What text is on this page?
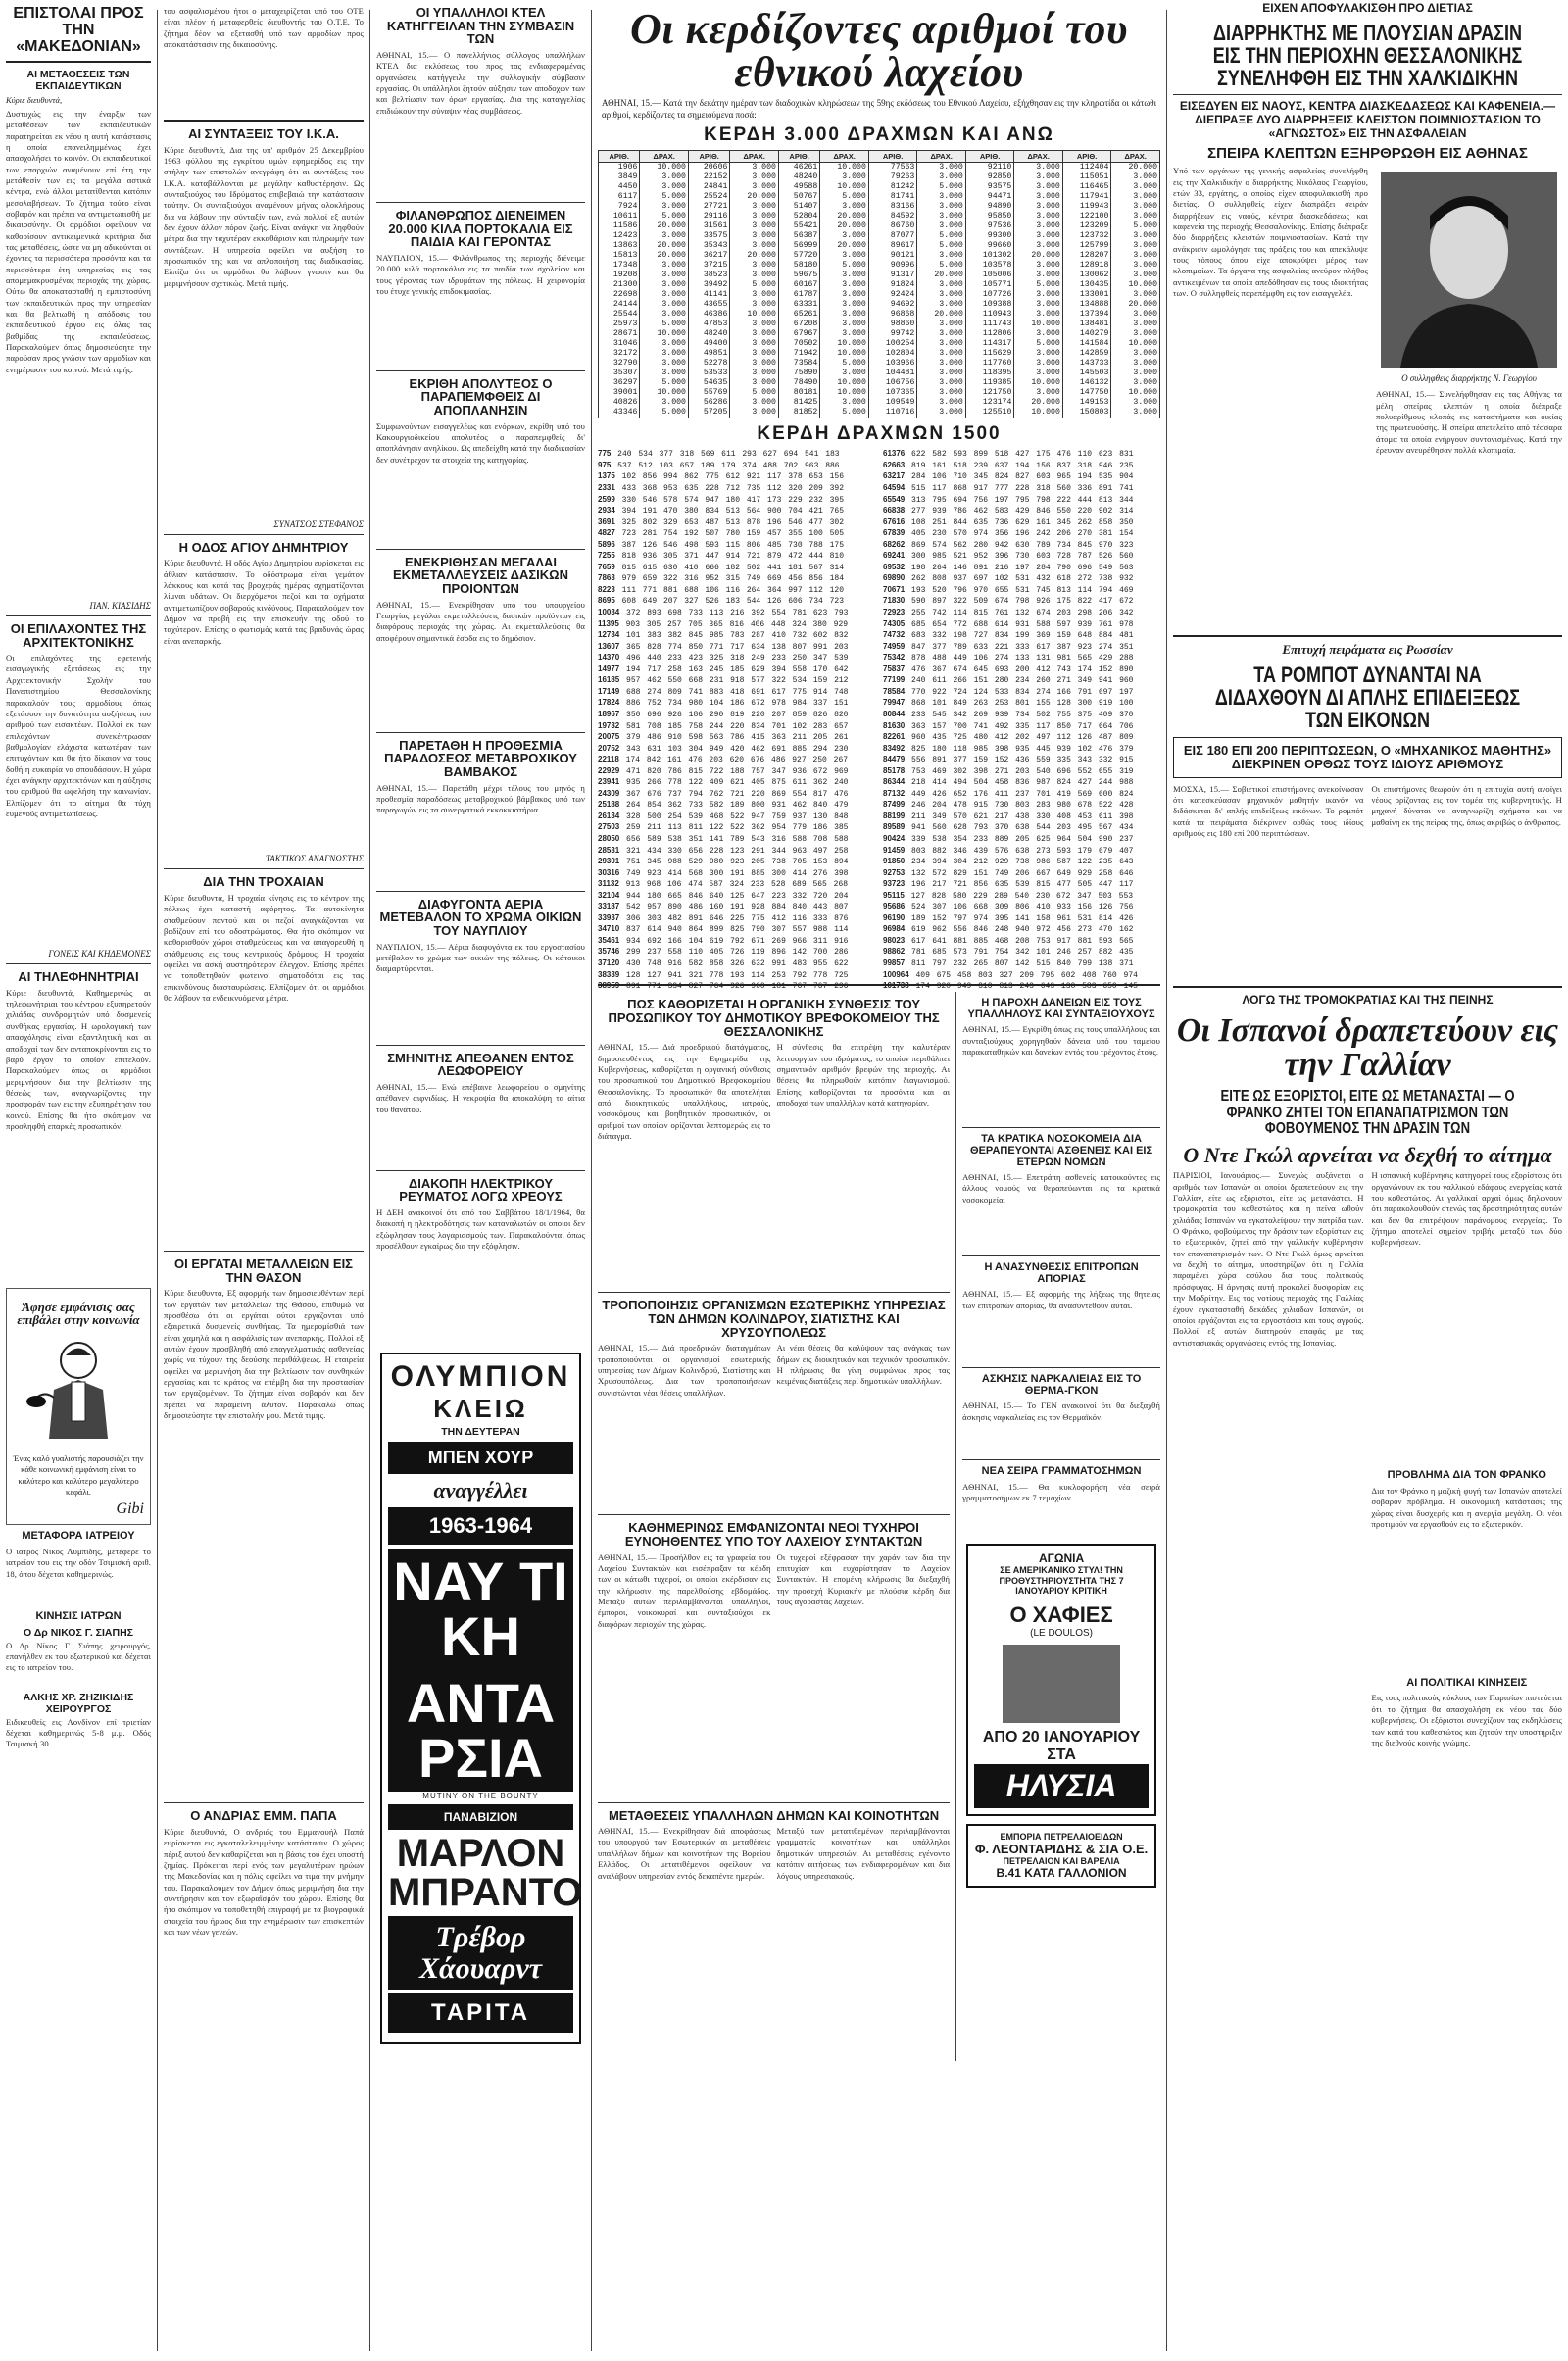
ΕΠΙΣΤΟΛΑΙ ΠΡΟΣ ΤΗΝ «ΜΑΚΕΔΟΝΙΑΝ»
ΑΙ ΜΕΤΑΘΕΣΕΙΣ ΤΩΝ ΕΚΠΑΙΔΕΥΤΙΚΩΝ
Κύριε διευθυντά,
Δυστυχώς εις την έναρξιν των μεταθέσεων των εκπαιδευτικών παρατηρείται εκ νέου η αυτή κατάστασις η οποία επανειλημμένως έχει απασχολήσει το κοινόν. Οι εκπαιδευτικοί των επαρχιών αναμένουν επί έτη την μετάθεσίν των εις τα μεγάλα αστικά κέντρα, ενώ άλλοι μετατίθενται κατόπιν μεσολαβήσεων. Το ζήτημα τούτο είναι σοβαρόν και πρέπει να αντιμετωπισθή με δικαιοσύνην. Οι αρμόδιοι οφείλουν να καθορίσουν αντικειμενικά κριτήρια δια τας μεταθέσεις, ώστε να μη αδικούνται οι έχοντες τα περισσότερα προσόντα και τα περισσότερα έτη υπηρεσίας εις τας απομεμακρυσμένας περιοχάς της χώρας. Ούτω θα αποκατασταθή η εμπιστοσύνη των εκπαιδευτικών προς την υπηρεσίαν και θα βελτιωθή η απόδοσις του εκπαιδευτικού έργου εις όλας τας βαθμίδας της εκπαιδεύσεως. Παρακαλούμεν όπως δημοσιεύσητε την παρούσαν προς γνώσιν των αρμοδίων και ενημέρωσιν του κοινού. Μετά τιμής.
ΠΑΝ. ΚΙΑΣΙΔΗΣ
ΟΙ ΕΠΙΛΑΧΟΝΤΕΣ ΤΗΣ ΑΡΧΙΤΕΚΤΟΝΙΚΗΣ
Οι επιλαχόντες της εφετεινής εισαγωγικής εξετάσεως εις την Αρχιτεκτονικήν Σχολήν του Πανεπιστημίου Θεσσαλονίκης παρακαλούν τους αρμοδίους όπως εξετάσουν την δυνατότητα αυξήσεως του αριθμού των εισακτέων. Πολλοί εκ των επιλαχόντων συνεκέντρωσαν βαθμολογίαν ελάχιστα κατωτέραν των επιτυχόντων και θα ήτο δίκαιον να τους δοθή η ευκαιρία να σπουδάσουν. Η χώρα έχει ανάγκην αρχιτεκτόνων και η αύξησις του αριθμού θα ωφελήση την κοινωνίαν. Ελπίζομεν ότι το αίτημα θα τύχη ευμενούς αντιμετωπίσεως.
ΓΟΝΕΙΣ ΚΑΙ ΚΗΔΕΜΟΝΕΣ
ΑΙ ΤΗΛΕΦΗΝΗΤΡΙΑΙ
Κύριε διευθυντά, Καθημερινώς αι τηλεφωνήτριαι του κέντρου εξυπηρετούν χιλιάδας συνδρομητών υπό δυσμενείς συνθήκας εργασίας. Η ωρολογιακή των απασχόλησις είναι εξαντλητική και αι αποδοχαί των δεν ανταποκρίνονται εις το βαρύ έργον το οποίον επιτελούν. Παρακαλούμεν όπως οι αρμόδιοι μεριμνήσουν δια την βελτίωσιν της θέσεώς των, αναγνωρίζοντες την προσφοράν των εις την εξυπηρέτησιν του κοινού. Επίσης θα ήτο σκόπιμον να προσληφθή επαρκές προσωπικόν.
Άφησε εμφάνισις σας επιβάλει στην κοινωνία
Ένας καλό γυαλιστής παρουσιάζει την κάθε κοινωνική εμφάνιση είναι το καλύτερο και καλύτερο μεγαλύτερο κεφάλι.
Gibi
ΜΕΤΑΦΟΡΑ ΙΑΤΡΕΙΟΥ
Ο ιατρός Νίκος Λυμπίδης, μετέφερε το ιατρείον του εις την οδόν Τσιμισκή αριθ. 18, όπου δέχεται καθημερινώς.
ΚΙΝΗΣΙΣ ΙΑΤΡΩΝ
Ο Δρ ΝΙΚΟΣ Γ. ΣΙΑΠΗΣ
Ο Δρ Νίκος Γ. Σιάπης χειρουργός, επανήλθεν εκ του εξωτερικού και δέχεται εις το ιατρείον του.
ΑΛΚΗΣ ΧΡ. ΖΗΖΙΚΙΔΗΣ ΧΕΙΡΟΥΡΓΟΣ
Ειδικευθείς εις Λονδίνον επί τριετίαν δέχεται καθημερινώς 5-8 μ.μ. Οδός Τσιμισκή 30.
του ασφαλισμένου ήτοι ο μεταχειρίζεται υπό του ΟΤΕ είναι πλέον ή μεταφερθείς διευθυντής του Ο.Τ.Ε. Το ζήτημα δέον να εξετασθή υπό των αρμοδίων προς αποκατάστασιν της δικαιοσύνης.
ΑΙ ΣΥΝΤΑΞΕΙΣ ΤΟΥ Ι.Κ.Α.
Κύριε διευθυντά, Δια της υπ' αριθμόν 25 Δεκεμβρίου 1963 φύλλου της εγκρίτου υμών εφημερίδος εις την στήλην των επιστολών ανεγράφη ότι αι συντάξεις του Ι.Κ.Α. καταβάλλονται με μεγάλην καθυστέρησιν. Ως συνταξιούχος του Ιδρύματος επιβεβαιώ την κατάστασιν ταύτην. Οι συνταξιούχοι αναμένουν μήνας ολοκλήρους δια να λάβουν την σύνταξίν των, ενώ πολλοί εξ αυτών δεν έχουν άλλον πόρον ζωής. Είναι ανάγκη να ληφθούν μέτρα δια την ταχυτέραν εκκαθάρισιν και πληρωμήν των συντάξεων. Η υπηρεσία οφείλει να αυξήση το προσωπικόν της και να απλοποιήση τας διαδικασίας. Ελπίζω ότι οι αρμόδιοι θα λάβουν γνώσιν και θα μεριμνήσουν σχετικώς. Μετά τιμής.
ΣΥΝΑΤΣΟΣ ΣΤΕΦΑΝΟΣ
Η ΟΔΟΣ ΑΓΙΟΥ ΔΗΜΗΤΡΙΟΥ
Κύριε διευθυντά, Η οδός Αγίου Δημητρίου ευρίσκεται εις άθλιαν κατάστασιν. Το οδόστρωμα είναι γεμάτον λάκκους και κατά τας βροχεράς ημέρας σχηματίζονται λίμναι υδάτων. Οι διερχόμενοι πεζοί και τα οχήματα αντιμετωπίζουν σοβαρούς κινδύνους. Παρακαλούμεν τον Δήμον να προβή εις την επισκευήν της οδού το ταχύτερον. Επίσης ο φωτισμός κατά τας βραδυνάς ώρας είναι ανεπαρκής.
ΤΑΚΤΙΚΟΣ ΑΝΑΓΝΩΣΤΗΣ
ΔΙΑ ΤΗΝ ΤΡΟΧΑΙΑΝ
Κύριε διευθυντά, Η τροχαία κίνησις εις το κέντρον της πόλεως έχει καταστή αφόρητος. Τα αυτοκίνητα σταθμεύουν παντού και οι πεζοί αναγκάζονται να βαδίζουν επί του οδοστρώματος. Θα ήτο σκόπιμον να καθορισθούν χώροι σταθμεύσεως και να απαγορευθή η στάθμευσις εις τους κεντρικούς δρόμους. Η τροχαία οφείλει να ασκή αυστηρότερον έλεγχον. Επίσης πρέπει να τοποθετηθούν φωτεινοί σηματοδόται εις τας επικινδύνους διασταυρώσεις. Ελπίζομεν ότι οι αρμόδιοι θα λάβουν τα ενδεικνυόμενα μέτρα.
ΟΙ ΕΡΓΑΤΑΙ ΜΕΤΑΛΛΕΙΩΝ ΕΙΣ ΤΗΝ ΘΑΣΟΝ
Κύριε διευθυντά, Εξ αφορμής των δημοσιευθέντων περί των εργατών των μεταλλείων της Θάσου, επιθυμώ να προσθέσω ότι οι εργάται ούτοι εργάζονται υπό εξαιρετικά δυσμενείς συνθήκας. Τα ημερομίσθιά των είναι χαμηλά και η ασφάλισίς των ανεπαρκής. Πολλοί εξ αυτών έχουν προσβληθή από επαγγελματικάς ασθενείας χωρίς να τύχουν της δεούσης περιθάλψεως. Η εταιρεία οφείλει να μεριμνήση δια την βελτίωσιν των συνθηκών εργασίας και το κράτος να επέμβη δια την προστασίαν των εργαζομένων. Το ζήτημα είναι σοβαρόν και δεν πρέπει να παραμείνη άλυτον. Παρακαλώ όπως δημοσιεύσητε την επιστολήν μου. Μετά τιμής.
Ο ΑΝΔΡΙΑΣ ΕΜΜ. ΠΑΠΑ
Κύριε διευθυντά, Ο ανδριάς του Εμμανουήλ Παπά ευρίσκεται εις εγκαταλελειμμένην κατάστασιν. Ο χώρος πέριξ αυτού δεν καθαρίζεται και η βάσις του έχει υποστή ζημίας. Πρόκειται περί ενός των μεγαλυτέρων ηρώων της Μακεδονίας και η πόλις οφείλει να τιμά την μνήμην του. Παρακαλούμεν τον Δήμον όπως μεριμνήση δια την συντήρησιν και τον εξωραϊσμόν του χώρου. Επίσης θα ήτο σκόπιμον να τοποθετηθή επιγραφή με τα βιογραφικά στοιχεία του ήρωος δια την ενημέρωσιν των επισκεπτών και των νέων γενεών.
ΟΙ ΥΠΑΛΛΗΛΟΙ ΚΤΕΛ ΚΑΤΗΓΓΕΙΛΑΝ ΤΗΝ ΣΥΜΒΑΣΙΝ ΤΩΝ
ΑΘΗΝΑΙ, 15.— Ο πανελλήνιος σύλλογος υπαλλήλων ΚΤΕΛ δια εκλύσεως του προς τας ενδιαφερομένας οργανώσεις κατήγγειλε την συλλογικήν σύμβασιν εργασίας. Οι υπάλληλοι ζητούν αύξησιν των αποδοχών των και βελτίωσιν των όρων εργασίας. Δια της καταγγελίας επιδιώκουν την σύναψιν νέας συμβάσεως.
ΦΙΛΑΝΘΡΩΠΟΣ ΔΙΕΝΕΙΜΕΝ 20.000 ΚΙΛΑ ΠΟΡΤΟΚΑΛΙΑ ΕΙΣ ΠΑΙΔΙΑ ΚΑΙ ΓΕΡΟΝΤΑΣ
ΝΑΥΠΛΙΟΝ, 15.— Φιλάνθρωπος της περιοχής διένειμε 20.000 κιλά πορτοκάλια εις τα παιδία των σχολείων και τους γέροντας των ιδρυμάτων της πόλεως. Η χειρονομία του έτυχε γενικής επιδοκιμασίας.
ΕΚΡΙΘΗ ΑΠΟΛΥΤΕΟΣ Ο ΠΑΡΑΠΕΜΦΘΕΙΣ ΔΙ ΑΠΟΠΛΑΝΗΣΙΝ
Συμφωνούντων εισαγγελέως και ενόρκων, εκρίθη υπό του Κακουργιοδικείου απολυτέος ο παραπεμφθείς δι' αποπλάνησιν ανηλίκου. Ως απεδείχθη κατά την διαδικασίαν δεν συνέτρεχον τα στοιχεία της κατηγορίας.
ΕΝΕΚΡΙΘΗΣΑΝ ΜΕΓΑΛΑΙ ΕΚΜΕΤΑΛΛΕΥΣΕΙΣ ΔΑΣΙΚΩΝ ΠΡΟΙΟΝΤΩΝ
ΑΘΗΝΑΙ, 15.— Ενεκρίθησαν υπό του υπουργείου Γεωργίας μεγάλαι εκμεταλλεύσεις δασικών προϊόντων εις διαφόρους περιοχάς της χώρας. Αι εκμεταλλεύσεις θα αποφέρουν σημαντικά έσοδα εις το δημόσιον.
ΠΑΡΕΤΑΘΗ Η ΠΡΟΘΕΣΜΙΑ ΠΑΡΑΔΟΣΕΩΣ ΜΕΤΑΒΡΟΧΙΚΟΥ ΒΑΜΒΑΚΟΣ
ΑΘΗΝΑΙ, 15.— Παρετάθη μέχρι τέλους του μηνός η προθεσμία παραδόσεως μεταβροχικού βάμβακος υπό των παραγωγών εις τα συνεργατικά εκκοκκιστήρια.
ΔΙΑΦΥΓΟΝΤΑ ΑΕΡΙΑ ΜΕΤΕΒΑΛΟΝ ΤΟ ΧΡΩΜΑ ΟΙΚΙΩΝ ΤΟΥ ΝΑΥΠΛΙΟΥ
ΝΑΥΠΛΙΟΝ, 15.— Αέρια διαφυγόντα εκ του εργοστασίου μετέβαλον το χρώμα των οικιών της πόλεως. Οι κάτοικοι διαμαρτύρονται.
ΣΜΗΝΙΤΗΣ ΑΠΕΘΑΝΕΝ ΕΝΤΟΣ ΛΕΩΦΟΡΕΙΟΥ
ΑΘΗΝΑΙ, 15.— Ενώ επέβαινε λεωφορείου ο σμηνίτης απέθανεν αιφνιδίως. Η νεκροψία θα αποκαλύψη τα αίτια του θανάτου.
ΔΙΑΚΟΠΗ ΗΛΕΚΤΡΙΚΟΥ ΡΕΥΜΑΤΟΣ ΛΟΓΩ ΧΡΕΟΥΣ
Η ΔΕΗ ανακοινοί ότι από του Σαββάτου 18/1/1964, θα διακοπή η ηλεκτροδότησις των καταναλωτών οι οποίοι δεν εξώφλησαν τους λογαριασμούς των. Παρακαλούνται όπως προσέλθουν εγκαίρως δια την εξόφλησιν.
ΟΛΥΜΠΙΟΝ
ΚΛΕΙΩ
ΤΗΝ ΔΕΥΤΕΡΑΝ
ΜΠΕΝ ΧΟΥΡ
αναγγέλλει
1963-1964
ΝΑΥ ΤΙ ΚΗ
ΑΝΤΑ ΡΣΙΑ
MUTINY ON THE BOUNTY
ΠΑΝΑΒΙΖΙΟΝ
ΜΑΡΛΟΝ ΜΠΡΑΝΤΟ
Τρέβορ Χάουαρντ
ΤΑΡΙΤΑ
Οι κερδίζοντες αριθμοί του εθνικού λαχείου
ΑΘΗΝΑΙ, 15.— Κατά την δεκάτην ημέραν των διαδοχικών κληρώσεων της 59ης εκδόσεως του Εθνικού Λαχείου, εξήχθησαν εις την κληρωτίδα οι κάτωθι αριθμοί, κερδίζοντες τα σημειούμενα ποσά:
ΚΕΡΔΗ 3.000 ΔΡΑΧΜΩΝ ΚΑΙ ΑΝΩ
ΑΡΙΘ.	ΔΡΑΧ.	ΑΡΙΘ.	ΔΡΑΧ.	ΑΡΙΘ.	ΔΡΑΧ.	ΑΡΙΘ.	ΔΡΑΧ.	ΑΡΙΘ.	ΔΡΑΧ.	ΑΡΙΘ.	ΔΡΑΧ.
1906	10.000	20606	3.000	46261	10.000	77563	3.000	92110	3.000	112404	20.000
3849	3.000	22152	3.000	48240	3.000	79263	3.000	92850	3.000	115051	3.000
4450	3.000	24841	3.000	49588	10.000	81242	5.000	93575	3.000	116465	3.000
6117	5.000	25524	20.000	50767	5.000	81741	3.000	94471	3.000	117941	3.000
7924	3.000	27721	3.000	51407	3.000	83166	3.000	94890	3.000	119943	3.000
10611	5.000	29116	3.000	52804	20.000	84592	3.000	95850	3.000	122100	3.000
11586	20.000	31561	3.000	55421	20.000	86760	3.000	97536	3.000	123209	5.000
12423	3.000	33575	3.000	56387	3.000	87077	5.000	99300	3.000	123732	3.000
13863	20.000	35343	3.000	56999	20.000	89617	5.000	99660	3.000	125799	3.000
15813	20.000	36217	20.000	57720	3.000	90121	3.000	101302	20.000	128207	3.000
17348	3.000	37215	3.000	58180	5.000	90996	5.000	103578	3.000	128918	3.000
19208	3.000	38523	3.000	59675	3.000	91317	20.000	105006	3.000	130062	3.000
21300	3.000	39492	5.000	60167	3.000	91824	3.000	105771	5.000	130435	10.000
22698	3.000	41141	3.000	61787	3.000	92424	3.000	107726	3.000	133001	3.000
24144	3.000	43655	3.000	63331	3.000	94692	3.000	109388	3.000	134888	20.000
25544	3.000	46386	10.000	65261	3.000	96868	20.000	110943	3.000	137394	3.000
25973	5.000	47853	3.000	67208	3.000	98860	3.000	111743	10.000	138481	3.000
28671	10.000	48240	3.000	67967	3.000	99742	3.000	112806	3.000	140279	3.000
31046	3.000	49400	3.000	70502	10.000	100254	3.000	114317	5.000	141584	10.000
32172	3.000	49851	3.000	71942	10.000	102804	3.000	115629	3.000	142859	3.000
32790	3.000	52278	3.000	73584	5.000	103966	3.000	117760	3.000	143733	3.000
35307	3.000	53533	3.000	75890	3.000	104481	3.000	118395	3.000	145503	3.000
36297	5.000	54635	3.000	78490	10.000	106756	3.000	119385	10.000	146132	3.000
39001	10.000	55769	5.000	80181	10.000	107365	3.000	121750	3.000	147750	10.000
40826	3.000	56286	3.000	81425	3.000	109549	3.000	123174	20.000	149153	3.000
43346	5.000	57205	3.000	81852	5.000	110716	3.000	125510	10.000	150803	3.000
ΚΕΡΔΗ ΔΡΑΧΜΩΝ 1500
775 240 534 377 318 569 611 293 627 694 541 183
975 537 512 103 657 189 179 374 488 702 963 886
1375 102 856 994 862 775 612 921 117 378 653 156
2331 433 368 953 635 228 712 735 112 320 209 392
2599 330 546 578 574 947 180 417 173 229 232 395
2934 394 191 470 380 834 513 564 900 704 421 765
3691 325 802 329 653 487 513 878 196 546 477 302
4827 723 281 754 192 507 780 159 457 355 100 505
5896 387 126 546 498 593 115 806 485 730 788 175
7255 818 936 305 371 447 914 721 879 472 444 810
7659 815 615 630 410 666 182 502 441 181 567 314
7863 979 659 322 316 952 315 749 669 456 856 184
8223 111 771 881 688 106 116 264 364 997 112 120
8695 608 649 207 327 526 183 544 126 606 734 723
10034 372 893 698 733 113 216 392 554 781 623 793
11395 903 305 257 705 365 816 406 448 324 380 929
12734 101 383 382 845 985 783 287 410 732 602 832
13607 365 828 774 850 771 717 634 138 807 991 203
14370 496 440 233 423 325 318 249 233 250 347 539
14977 194 717 258 163 245 185 629 394 558 170 642
16185 957 462 550 668 231 918 577 322 534 159 212
17149 688 274 809 741 883 418 691 617 775 914 748
17824 886 752 734 980 104 186 672 978 984 337 151
18967 350 696 926 186 290 819 220 207 859 826 820
19732 581 708 185 758 244 220 834 701 102 283 657
20075 379 486 910 598 563 786 415 363 211 205 261
20752 343 631 103 304 949 420 462 691 885 294 230
22118 174 842 161 476 203 620 676 486 927 250 267
22929 471 820 786 815 722 188 757 347 936 672 969
23941 935 266 778 122 409 621 405 875 611 362 240
24309 367 676 737 794 762 721 220 869 554 817 476
25188 264 854 362 733 582 189 800 931 462 840 479
26134 328 500 254 539 468 522 947 759 937 130 848
27503 259 211 113 811 122 522 362 954 779 186 385
28050 656 589 538 351 141 789 543 316 588 708 588
28531 321 434 330 656 228 123 291 344 963 497 258
29301 751 345 988 529 980 923 205 738 705 153 894
30316 749 923 414 568 300 191 885 300 414 276 398
31132 913 968 106 474 587 324 233 528 689 565 268
32104 944 180 665 846 640 125 647 223 332 720 204
33187 542 957 890 486 160 191 928 884 840 443 807
33937 306 303 482 891 646 225 775 412 116 333 876
34710 837 614 940 864 899 825 790 307 557 988 114
35461 934 692 166 104 619 792 671 269 966 311 916
35746 299 237 558 110 405 726 119 896 142 700 286
37120 430 748 916 582 858 326 632 991 483 955 622
38339 128 127 941 321 778 193 114 253 792 778 725
38959 891 771 334 827 764 926 960 181 767 767 296

61376 622 582 593 899 518 427 175 476 110 623 831
62663 819 161 518 239 637 194 156 837 318 946 235
63217 284 106 710 345 824 827 603 965 194 535 904
64594 515 117 868 917 777 228 318 560 336 891 741
65549 313 795 694 756 197 795 798 222 444 813 344
66838 277 939 786 462 583 429 846 550 220 902 314
67616 108 251 844 635 736 629 161 345 262 858 350
67839 405 230 570 974 356 196 242 206 270 381 154
68262 869 574 562 280 942 630 789 734 845 970 323
69241 300 985 521 952 396 730 603 728 787 526 560
69532 198 264 146 891 216 197 284 790 696 549 563
69890 262 808 937 697 102 531 432 618 272 738 932
70671 193 520 796 970 655 531 745 813 114 794 469
71830 590 897 322 509 674 798 926 175 822 417 672
72923 255 742 114 815 761 132 674 203 298 206 342
74305 685 654 772 688 614 931 588 597 939 761 978
74732 683 332 198 727 834 199 369 159 648 884 481
74959 847 377 789 633 221 333 617 387 923 274 351
75342 878 488 449 106 274 133 131 981 565 429 288
75837 476 367 674 645 693 200 412 743 174 152 890
77199 240 611 266 151 280 234 260 271 349 941 960
78584 770 922 724 124 533 834 274 166 791 697 197
79947 868 101 849 263 253 801 155 128 300 919 100
80844 233 545 342 269 939 734 502 755 375 409 370
81630 363 157 700 741 492 335 117 850 717 664 706
82261 960 435 725 480 412 202 497 112 126 487 809
83492 825 180 118 985 398 935 445 939 102 476 379
84479 556 891 377 159 152 436 559 335 343 332 915
85178 753 469 302 398 271 203 540 696 552 655 319
86344 218 414 494 504 458 836 987 824 427 244 988
87132 449 426 652 176 411 237 701 419 569 600 824
87499 246 204 478 915 730 803 283 980 678 522 428
88199 211 349 570 621 217 438 330 408 453 611 398
89589 941 560 628 793 370 638 544 203 495 567 434
90424 339 538 354 233 889 205 625 964 504 990 237
91459 803 882 346 439 576 638 273 593 179 679 407
91850 234 394 304 212 929 738 986 587 122 235 643
92753 132 572 829 151 749 206 667 649 929 258 646
93723 196 217 721 856 635 539 815 477 505 447 117
95115 127 828 580 229 289 540 230 672 347 503 553
95686 524 307 106 668 309 806 410 933 156 126 756
96190 189 152 797 974 395 141 158 961 531 814 426
96984 619 962 556 846 248 940 972 456 273 470 162
98023 617 641 881 885 468 208 753 917 881 593 565
98862 781 685 573 791 754 342 101 246 257 882 435
99857 811 797 232 265 807 142 515 840 799 138 371
100964 409 675 458 803 327 209 795 602 408 760 974
101738 174 920 949 310 813 243 643 130 583 650 145

ΠΩΣ ΚΑΘΟΡΙΖΕΤΑΙ Η ΟΡΓΑΝΙΚΗ ΣΥΝΘΕΣΙΣ ΤΟΥ ΠΡΟΣΩΠΙΚΟΥ ΤΟΥ ΔΗΜΟΤΙΚΟΥ ΒΡΕΦΟΚΟΜΕΙΟΥ ΤΗΣ ΘΕΣΣΑΛΟΝΙΚΗΣ
ΑΘΗΝΑΙ, 15.— Διά προεδρικού διατάγματος, δημοσιευθέντος εις την Εφημερίδα της Κυβερνήσεως, καθορίζεται η οργανική σύνθεσις του προσωπικού του Δημοτικού Βρεφοκομείου Θεσσαλονίκης. Το προσωπικόν θα αποτελήται από διοικητικούς υπαλλήλους, ιατρούς, νοσοκόμους και βοηθητικόν προσωπικόν, οι αριθμοί των οποίων ορίζονται λεπτομερώς εις το διάταγμα.
Η σύνθεσις θα επιτρέψη την καλυτέραν λειτουργίαν του ιδρύματος, το οποίον περιθάλπει σημαντικόν αριθμόν βρεφών της περιοχής. Αι θέσεις θα πληρωθούν κατόπιν διαγωνισμού. Επίσης καθορίζονται τα προσόντα και αι αποδοχαί των υπαλλήλων κατά κατηγορίαν.
ΤΡΟΠΟΠΟΙΗΣΙΣ ΟΡΓΑΝΙΣΜΩΝ ΕΣΩΤΕΡΙΚΗΣ ΥΠΗΡΕΣΙΑΣ ΤΩΝ ΔΗΜΩΝ ΚΟΛΙΝΔΡΟΥ, ΣΙΑΤΙΣΤΗΣ ΚΑΙ ΧΡΥΣΟΥΠΟΛΕΩΣ
ΑΘΗΝΑΙ, 15.— Διά προεδρικών διαταγμάτων τροποποιούνται οι οργανισμοί εσωτερικής υπηρεσίας των Δήμων Κολινδρού, Σιατίστης και Χρυσουπόλεως. Δια των τροποποιήσεων συνιστώνται νέαι θέσεις υπαλλήλων.
Αι νέαι θέσεις θα καλύψουν τας ανάγκας των δήμων εις διοικητικόν και τεχνικόν προσωπικόν. Η πλήρωσις θα γίνη συμφώνως προς τας κειμένας διατάξεις περί δημοτικών υπαλλήλων.
ΚΑΘΗΜΕΡΙΝΩΣ ΕΜΦΑΝΙΖΟΝΤΑΙ ΝΕΟΙ ΤΥΧΗΡΟΙ ΕΥΝΟΗΘΕΝΤΕΣ ΥΠΟ ΤΟΥ ΛΑΧΕΙΟΥ ΣΥΝΤΑΚΤΩΝ
ΑΘΗΝΑΙ, 15.— Προσήλθον εις τα γραφεία του Λαχείου Συντακτών και εισέπραξαν τα κέρδη των οι κάτωθι τυχεροί, οι οποίοι εκέρδισαν εις την κλήρωσιν της παρελθούσης εβδομάδος. Μεταξύ αυτών περιλαμβάνονται υπάλληλοι, έμποροι, νοικοκυραί και συνταξιούχοι εκ διαφόρων περιοχών της χώρας.
Οι τυχεροί εξέφρασαν την χαράν των δια την επιτυχίαν και ευχαρίστησαν το Λαχείον Συντακτών. Η επομένη κλήρωσις θα διεξαχθή την προσεχή Κυριακήν με πλούσια κέρδη δια τους αγοραστάς λαχείων.
ΜΕΤΑΘΕΣΕΙΣ ΥΠΑΛΛΗΛΩΝ ΔΗΜΩΝ ΚΑΙ ΚΟΙΝΟΤΗΤΩΝ
ΑΘΗΝΑΙ, 15.— Ενεκρίθησαν διά αποφάσεως του υπουργού των Εσωτερικών αι μεταθέσεις υπαλλήλων δήμων και κοινοτήτων της Βορείου Ελλάδος. Οι μετατιθέμενοι οφείλουν να αναλάβουν υπηρεσίαν εντός δεκαπέντε ημερών.
Μεταξύ των μετατιθεμένων περιλαμβάνονται γραμματείς κοινοτήτων και υπάλληλοι δημοτικών υπηρεσιών. Αι μεταθέσεις εγένοντο κατόπιν αιτήσεως των ενδιαφερομένων και δια λόγους υπηρεσιακούς.
Η ΠΑΡΟΧΗ ΔΑΝΕΙΩΝ ΕΙΣ ΤΟΥΣ ΥΠΑΛΛΗΛΟΥΣ ΚΑΙ ΣΥΝΤΑΞΙΟΥΧΟΥΣ
ΑΘΗΝΑΙ, 15.— Εγκρίθη όπως εις τους υπαλλήλους και συνταξιούχους χορηγηθούν δάνεια υπό του ταμείου παρακαταθηκών και δανείων εντός του τρέχοντος έτους.
ΤΑ ΚΡΑΤΙΚΑ ΝΟΣΟΚΟΜΕΙΑ ΔΙΑ ΘΕΡΑΠΕΥΟΝΤΑΙ ΑΣΘΕΝΕΙΣ ΚΑΙ ΕΙΣ ΕΤΕΡΩΝ ΝΟΜΩΝ
ΑΘΗΝΑΙ, 15.— Επετράπη ασθενείς κατοικούντες εις άλλους νομούς να θεραπεύωνται εις τα κρατικά νοσοκομεία.
Η ΑΝΑΣΥΝΘΕΣΙΣ ΕΠΙΤΡΟΠΩΝ ΑΠΟΡΙΑΣ
ΑΘΗΝΑΙ, 15.— Εξ αφορμής της λήξεως της θητείας των επιτροπών απορίας, θα ανασυντεθούν αύται.
ΑΣΚΗΣΙΣ ΝΑΡΚΑΛΙΕΙΑΣ ΕΙΣ ΤΟ ΘΕΡΜΑ-ΓΚΟΝ
ΑΘΗΝΑΙ, 15.— Το ΓΕΝ ανακοινοί ότι θα διεξαχθή άσκησις ναρκαλιείας εις τον Θερμαϊκόν.
ΝΕΑ ΣΕΙΡΑ ΓΡΑΜΜΑΤΟΣΗΜΩΝ
ΑΘΗΝΑΙ, 15.— Θα κυκλοφορήση νέα σειρά γραμματοσήμων εκ 7 τεμαχίων.
ΑΓΩΝΙΑ
ΣΕ ΑΜΕΡΙΚΑΝΙΚΟ ΣΤΥΛ! ΤΗΝ ΠΡΟΘΥΣΤΗΡΙΟΥΣΤΗΤΑ ΤΗΣ 7 ΙΑΝΟΥΑΡΙΟΥ ΚΡΙΤΙΚΗ
Ο ΧΑΦΙΕΣ
(LE DOULOS)
ΑΠΟ 20 ΙΑΝΟΥΑΡΙΟΥ ΣΤΑ
ΗΛΥΣΙΑ
ΕΜΠΟΡΙΑ ΠΕΤΡΕΛΑΙΟΕΙΔΩΝ
Φ. ΛΕΟΝΤΑΡΙΔΗΣ & ΣΙΑ Ο.Ε.
ΠΕΤΡΕΛΑΙΟΝ ΚΑΙ ΒΑΡΕΛΙΑ
Β.41 ΚΑΤΑ ΓΑΛΛΟΝΙΟΝ
ΕΙΧΕΝ ΑΠΟΦΥΛΑΚΙΣΘΗ ΠΡΟ ΔΙΕΤΙΑΣ
ΔΙΑΡΡΗΚΤΗΣ ΜΕ ΠΛΟΥΣΙΑΝ ΔΡΑΣΙΝ ΕΙΣ ΤΗΝ ΠΕΡΙΟΧΗΝ ΘΕΣΣΑΛΟΝΙΚΗΣ ΣΥΝΕΛΗΦΘΗ ΕΙΣ ΤΗΝ ΧΑΛΚΙΔΙΚΗΝ
ΕΙΣΕΔΥΕΝ ΕΙΣ ΝΑΟΥΣ, ΚΕΝΤΡΑ ΔΙΑΣΚΕΔΑΣΕΩΣ ΚΑΙ ΚΑΦΕΝΕΙΑ.— ΔΙΕΠΡΑΞΕ ΔΥΟ ΔΙΑΡΡΗΞΕΙΣ ΚΛΕΙΣΤΩΝ ΠΟΙΜΝΙΟΣΤΑΣΙΩΝ ΤΟ «ΑΓΝΩΣΤΟΣ» ΕΙΣ ΤΗΝ ΑΣΦΑΛΕΙΑΝ
ΣΠΕΙΡΑ ΚΛΕΠΤΩΝ ΕΞΗΡΘΡΩΘΗ ΕΙΣ ΑΘΗΝΑΣ
Υπό των οργάνων της γενικής ασφαλείας συνελήφθη εις την Χαλκιδικήν ο διαρρήκτης Νικόλαος Γεωργίου, ετών 33, εργάτης, ο οποίος είχεν αποφυλακισθή προ διετίας. Ο συλληφθείς είχεν διαπράξει σειράν διαρρήξεων εις ναούς, κέντρα διασκεδάσεως και καφενεία της περιοχής Θεσσαλονίκης. Επίσης διέπραξε δύο διαρρήξεις κλειστών ποιμνιοστασίων. Κατά την ανάκρισιν ωμολόγησε τας πράξεις του και απεκάλυψε τους τόπους όπου είχε αποκρύψει μέρος των κλοπιμαίων. Τα όργανα της ασφαλείας ανεύρον πλήθος αντικειμένων τα οποία απεδόθησαν εις τους ιδιοκτήτας των. Ο συλληφθείς παρεπέμφθη εις τον εισαγγελέα.
Ο συλληφθείς διαρρήκτης Ν. Γεωργίου
ΑΘΗΝΑΙ, 15.— Συνελήφθησαν εις τας Αθήνας τα μέλη σπείρας κλεπτών η οποία διέπραξε πολυαρίθμους κλοπάς εις καταστήματα και οικίας της πρωτευούσης. Η σπείρα απετελείτο από τέσσαρα άτομα τα οποία ενήργουν συντονισμένως. Κατά την έρευναν ανευρέθησαν πολλά κλοπιμαία.
Επιτυχή πειράματα εις Ρωσσίαν
ΤΑ ΡΟΜΠΟΤ ΔΥΝΑΝΤΑΙ ΝΑ ΔΙΔΑΧΘΟΥΝ ΔΙ ΑΠΛΗΣ ΕΠΙΔΕΙΞΕΩΣ ΤΩΝ ΕΙΚΟΝΩΝ
ΕΙΣ 180 ΕΠΙ 200 ΠΕΡΙΠΤΩΣΕΩΝ, Ο «ΜΗΧΑΝΙΚΟΣ ΜΑΘΗΤΗΣ» ΔΙΕΚΡΙΝΕΝ ΟΡΘΩΣ ΤΟΥΣ ΙΔΙΟΥΣ ΑΡΙΘΜΟΥΣ
ΜΟΣΧΑ, 15.— Σοβιετικοί επιστήμονες ανεκοίνωσαν ότι κατεσκεύασαν μηχανικόν μαθητήν ικανόν να διδάσκεται δι' απλής επιδείξεως εικόνων. Το ρομπότ κατά τα πειράματα διέκρινεν ορθώς τους ιδίους αριθμούς εις 180 επί 200 περιπτώσεων.
Οι επιστήμονες θεωρούν ότι η επιτυχία αυτή ανοίγει νέους ορίζοντας εις τον τομέα της κυβερνητικής. Η μηχανή δύναται να αναγνωρίζη σχήματα και να μαθαίνη εκ της πείρας της, όπως ακριβώς ο άνθρωπος.
ΛΟΓΩ ΤΗΣ ΤΡΟΜΟΚΡΑΤΙΑΣ ΚΑΙ ΤΗΣ ΠΕΙΝΗΣ
Οι Ισπανοί δραπετεύουν εις την Γαλλίαν
ΕΙΤΕ ΩΣ ΕΞΟΡΙΣΤΟΙ, ΕΙΤΕ ΩΣ ΜΕΤΑΝΑΣΤΑΙ — Ο ΦΡΑΝΚΟ ΖΗΤΕΙ ΤΟΝ ΕΠΑΝΑΠΑΤΡΙΣΜΟΝ ΤΩΝ ΦΟΒΟΥΜΕΝΟΣ ΤΗΝ ΔΡΑΣΙΝ ΤΩΝ
Ο Ντε Γκώλ αρνείται να δεχθή το αίτημα
ΠΑΡΙΣΙΟΙ, Ιανουάριος.— Συνεχώς αυξάνεται ο αριθμός των Ισπανών οι οποίοι δραπετεύουν εις την Γαλλίαν, είτε ως εξόριστοι, είτε ως μετανάσται. Η τρομοκρατία του καθεστώτος και η πείνα ωθούν χιλιάδας Ισπανών να εγκαταλείψουν την πατρίδα των. Ο Φράνκο, φοβούμενος την δράσιν των εξορίστων εις το εξωτερικόν, ζητεί από την γαλλικήν κυβέρνησιν τον επαναπατρισμόν των. Ο Ντε Γκώλ όμως αρνείται να δεχθή το αίτημα, υποστηρίζων ότι η Γαλλία παραμένει χώρα ασύλου δια τους πολιτικούς πρόσφυγας. Η άρνησις αυτή προκαλεί δυσφορίαν εις την Μαδρίτην. Εις τας νοτίους περιοχάς της Γαλλίας έχουν εγκατασταθή δεκάδες χιλιάδων Ισπανών, οι οποίοι εργάζονται εις τα εργοστάσια και τους αγρούς. Πολλοί εξ αυτών διατηρούν επαφάς με τας αντιστασιακάς οργανώσεις εντός της Ισπανίας.
Η ισπανική κυβέρνησις κατηγορεί τους εξορίστους ότι οργανώνουν εκ του γαλλικού εδάφους ενεργείας κατά του καθεστώτος. Αι γαλλικαί αρχαί όμως δηλώνουν ότι παρακολουθούν στενώς τας δραστηριότητας αυτών και δεν θα επιτρέψουν παράνομους ενεργείας. Το ζήτημα αποτελεί σημείον τριβής μεταξύ των δύο κυβερνήσεων.
ΠΡΟΒΛΗΜΑ ΔΙΑ ΤΟΝ ΦΡΑΝΚΟ
Δια τον Φράνκο η μαζική φυγή των Ισπανών αποτελεί σοβαρόν πρόβλημα. Η οικονομική κατάστασις της χώρας είναι δυσχερής και η ανεργία μεγάλη. Οι νέοι προτιμούν να εργασθούν εις το εξωτερικόν.
ΑΙ ΠΟΛΙΤΙΚΑΙ ΚΙΝΗΣΕΙΣ
Εις τους πολιτικούς κύκλους των Παρισίων πιστεύεται ότι το ζήτημα θα απασχολήση εκ νέου τας δύο κυβερνήσεις. Οι εξόριστοι συνεχίζουν τας εκδηλώσεις των κατά του καθεστώτος και ζητούν την υποστήριξιν της διεθνούς κοινής γνώμης.
